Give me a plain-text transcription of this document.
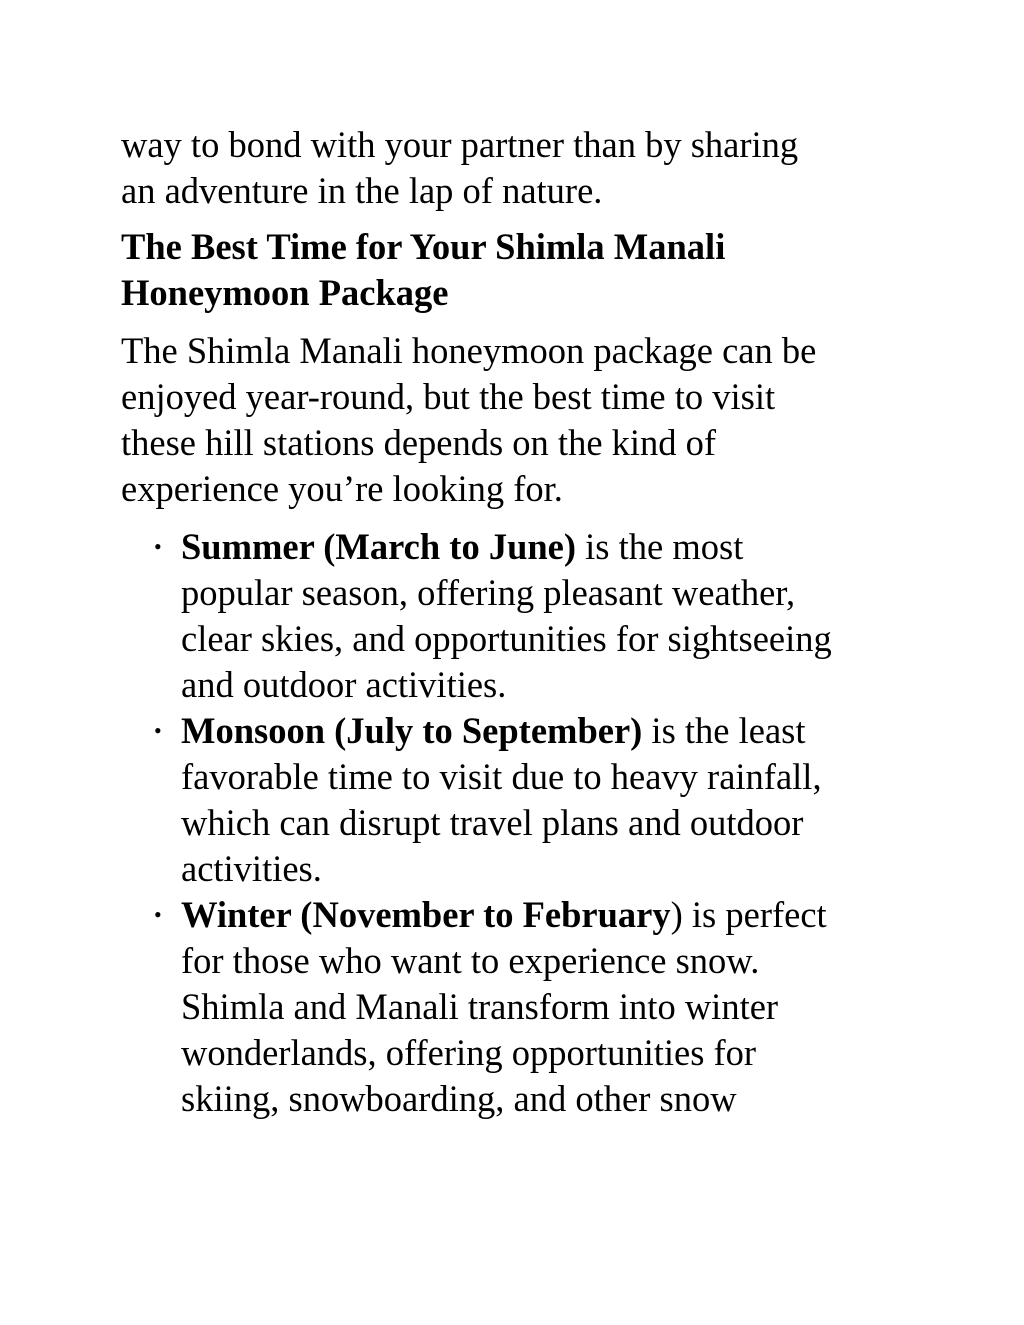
way to bond with your partner than by sharing
an adventure in the lap of nature.

The Best Time for Your Shimla Manali
Honeymoon Package

The Shimla Manali honeymoon package can be
enjoyed year-round, but the best time to visit
these hill stations depends on the kind of
experience you’re looking for.

• Summer (March to June) is the most
popular season, offering pleasant weather,
clear skies, and opportunities for sightseeing
and outdoor activities.
• Monsoon (July to September) is the least
favorable time to visit due to heavy rainfall,
which can disrupt travel plans and outdoor
activities.
• Winter (November to February) is perfect
for those who want to experience snow.
Shimla and Manali transform into winter
wonderlands, offering opportunities for
skiing, snowboarding, and other snow
